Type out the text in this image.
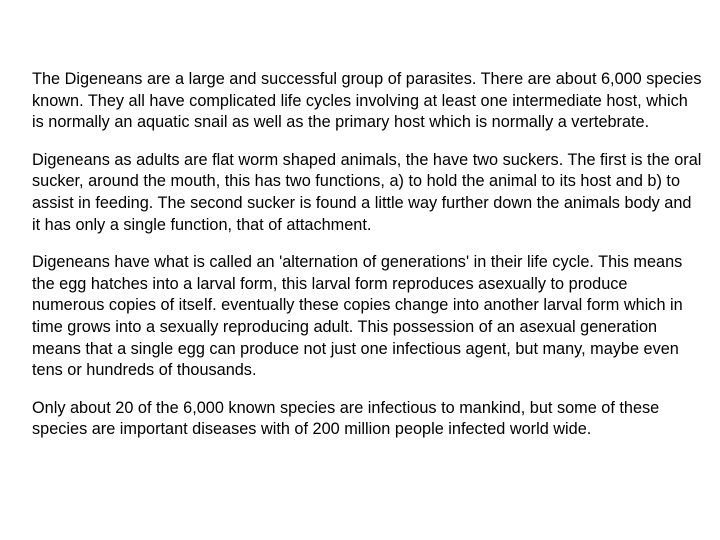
The Digeneans are a large and successful group of parasites. There are about 6,000 species known. They all have complicated life cycles involving at least one intermediate host, which is normally an aquatic snail as well as the primary host which is normally a vertebrate.

Digeneans as adults are flat worm shaped animals, the have two suckers. The first is the oral sucker, around the mouth, this has two functions, a) to hold the animal to its host and b) to assist in feeding. The second sucker is found a little way further down the animals body and it has only a single function, that of attachment.

Digeneans have what is called an 'alternation of generations' in their life cycle. This means the egg hatches into a larval form, this larval form reproduces asexually to produce numerous copies of itself. eventually these copies change into another larval form which in time grows into a sexually reproducing adult. This possession of an asexual generation means that a single egg can produce not just one infectious agent, but many, maybe even tens or hundreds of thousands.

Only about 20 of the 6,000 known species are infectious to mankind, but some of these species are important diseases with of 200 million people infected world wide.
